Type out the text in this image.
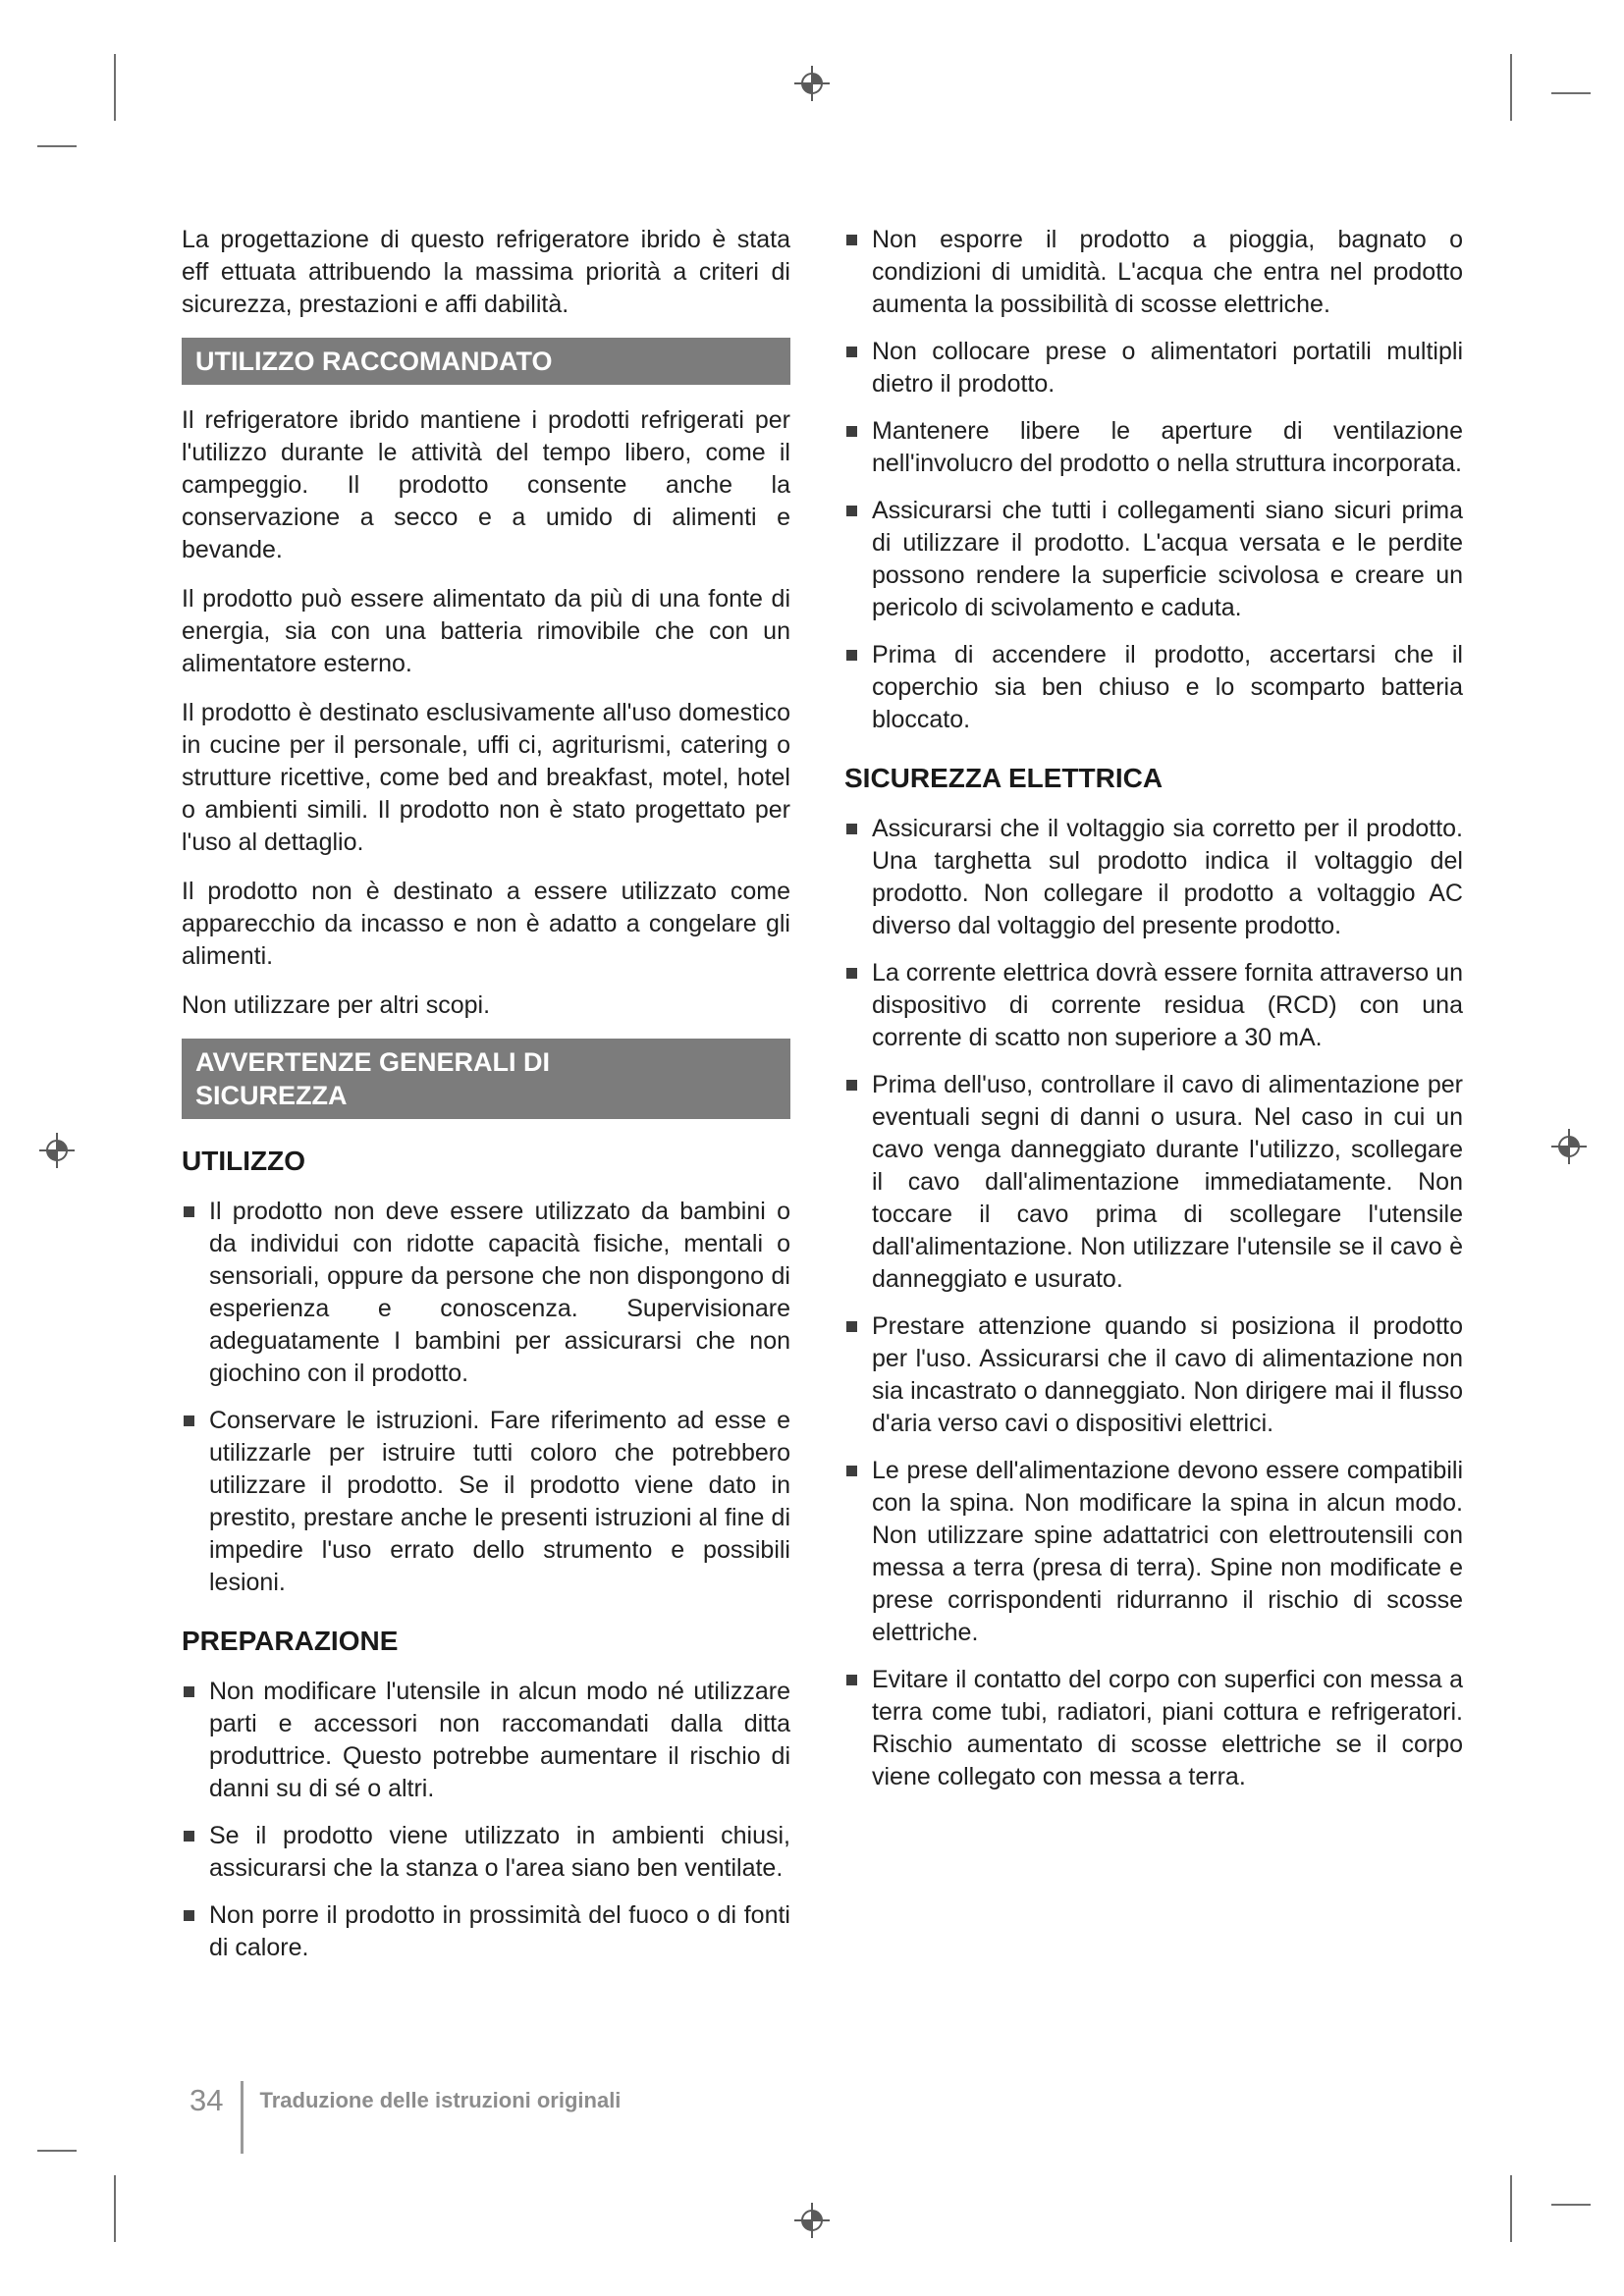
La progettazione di questo refrigeratore ibrido è stata eff ettuata attribuendo la massima priorità a criteri di sicurezza, prestazioni e affi dabilità.

UTILIZZO RACCOMANDATO

Il refrigeratore ibrido mantiene i prodotti refrigerati per l'utilizzo durante le attività del tempo libero, come il campeggio. Il prodotto consente anche la conservazione a secco e a umido di alimenti e bevande.

Il prodotto può essere alimentato da più di una fonte di energia, sia con una batteria rimovibile che con un alimentatore esterno.

Il prodotto è destinato esclusivamente all'uso domestico in cucine per il personale, uffi ci, agriturismi, catering o strutture ricettive, come bed and breakfast, motel, hotel o ambienti simili. Il prodotto non è stato progettato per l'uso al dettaglio.

Il prodotto non è destinato a essere utilizzato come apparecchio da incasso e non è adatto a congelare gli alimenti.

Non utilizzare per altri scopi.

AVVERTENZE GENERALI DI SICUREZZA
UTILIZZO
Il prodotto non deve essere utilizzato da bambini o da individui con ridotte capacità fisiche, mentali o sensoriali, oppure da persone che non dispongono di esperienza e conoscenza. Supervisionare adeguatamente I bambini per assicurarsi che non giochino con il prodotto.
Conservare le istruzioni. Fare riferimento ad esse e utilizzarle per istruire tutti coloro che potrebbero utilizzare il prodotto. Se il prodotto viene dato in prestito, prestare anche le presenti istruzioni al fine di impedire l'uso errato dello strumento e possibili lesioni.
PREPARAZIONE
Non modificare l'utensile in alcun modo né utilizzare parti e accessori non raccomandati dalla ditta produttrice. Questo potrebbe aumentare il rischio di danni su di sé o altri.
Se il prodotto viene utilizzato in ambienti chiusi, assicurarsi che la stanza o l'area siano ben ventilate.
Non porre il prodotto in prossimità del fuoco o di fonti di calore.
Non esporre il prodotto a pioggia, bagnato o condizioni di umidità. L'acqua che entra nel prodotto aumenta la possibilità di scosse elettriche.
Non collocare prese o alimentatori portatili multipli dietro il prodotto.
Mantenere libere le aperture di ventilazione nell'involucro del prodotto o nella struttura incorporata.
Assicurarsi che tutti i collegamenti siano sicuri prima di utilizzare il prodotto. L'acqua versata e le perdite possono rendere la superficie scivolosa e creare un pericolo di scivolamento e caduta.
Prima di accendere il prodotto, accertarsi che il coperchio sia ben chiuso e lo scomparto batteria bloccato.
SICUREZZA ELETTRICA
Assicurarsi che il voltaggio sia corretto per il prodotto. Una targhetta sul prodotto indica il voltaggio del prodotto. Non collegare il prodotto a voltaggio AC diverso dal voltaggio del presente prodotto.
La corrente elettrica dovrà essere fornita attraverso un dispositivo di corrente residua (RCD) con una corrente di scatto non superiore a 30 mA.
Prima dell'uso, controllare il cavo di alimentazione per eventuali segni di danni o usura. Nel caso in cui un cavo venga danneggiato durante l'utilizzo, scollegare il cavo dall'alimentazione immediatamente. Non toccare il cavo prima di scollegare l'utensile dall'alimentazione. Non utilizzare l'utensile se il cavo è danneggiato e usurato.
Prestare attenzione quando si posiziona il prodotto per l'uso. Assicurarsi che il cavo di alimentazione non sia incastrato o danneggiato. Non dirigere mai il flusso d'aria verso cavi o dispositivi elettrici.
Le prese dell'alimentazione devono essere compatibili con la spina. Non modificare la spina in alcun modo. Non utilizzare spine adattatrici con elettroutensili con messa a terra (presa di terra). Spine non modificate e prese corrispondenti ridurranno il rischio di scosse elettriche.
Evitare il contatto del corpo con superfici con messa a terra come tubi, radiatori, piani cottura e refrigeratori. Rischio aumentato di scosse elettriche se il corpo viene collegato con messa a terra.
34 Traduzione delle istruzioni originali
